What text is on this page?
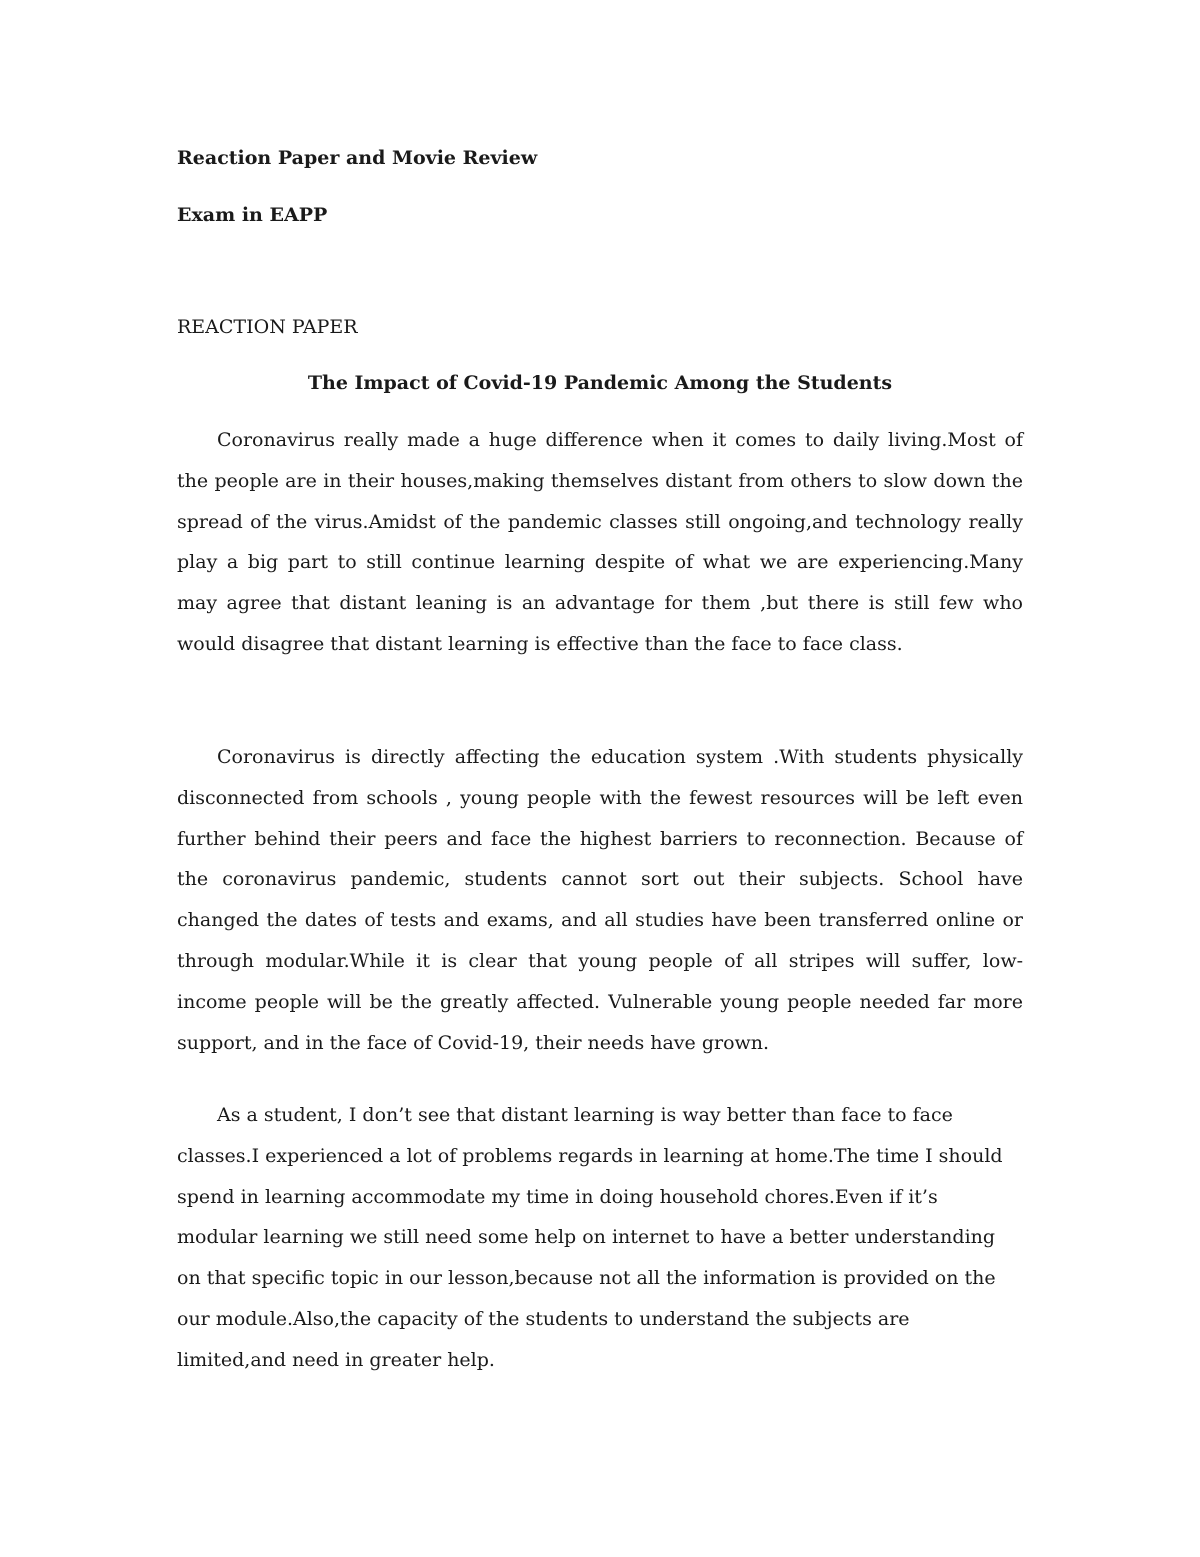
Reaction Paper and Movie Review

Exam in EAPP

REACTION PAPER

The Impact of Covid-19 Pandemic Among the Students

Coronavirus really made a huge difference when it comes to daily living.Most of the people are in their houses,making themselves distant from others to slow down the spread of the virus.Amidst of the pandemic classes still ongoing,and technology really play a big part to still continue learning despite of what we are experiencing.Many may agree that distant leaning is an advantage for them ,but there is still few who would disagree that distant learning is effective than the face to face class.

Coronavirus is directly affecting the education system .With students physically disconnected from schools , young people with the fewest resources will be left even further behind their peers and face the highest barriers to reconnection. Because of the coronavirus pandemic, students cannot sort out their subjects. School have changed the dates of tests and exams, and all studies have been transferred online or through modular.While it is clear that young people of all stripes will suffer, low-income people will be the greatly affected. Vulnerable young people needed far more support, and in the face of Covid-19, their needs have grown.

As a student, I don’t see that distant learning is way better than face to face classes.I experienced a lot of problems regards in learning at home.The time I should spend in learning accommodate my time in doing household chores.Even if it’s modular learning we still need some help on internet to have a better understanding on that specific topic in our lesson,because not all the information is provided on the our module.Also,the capacity of the students to understand the subjects are limited,and need in greater help.
